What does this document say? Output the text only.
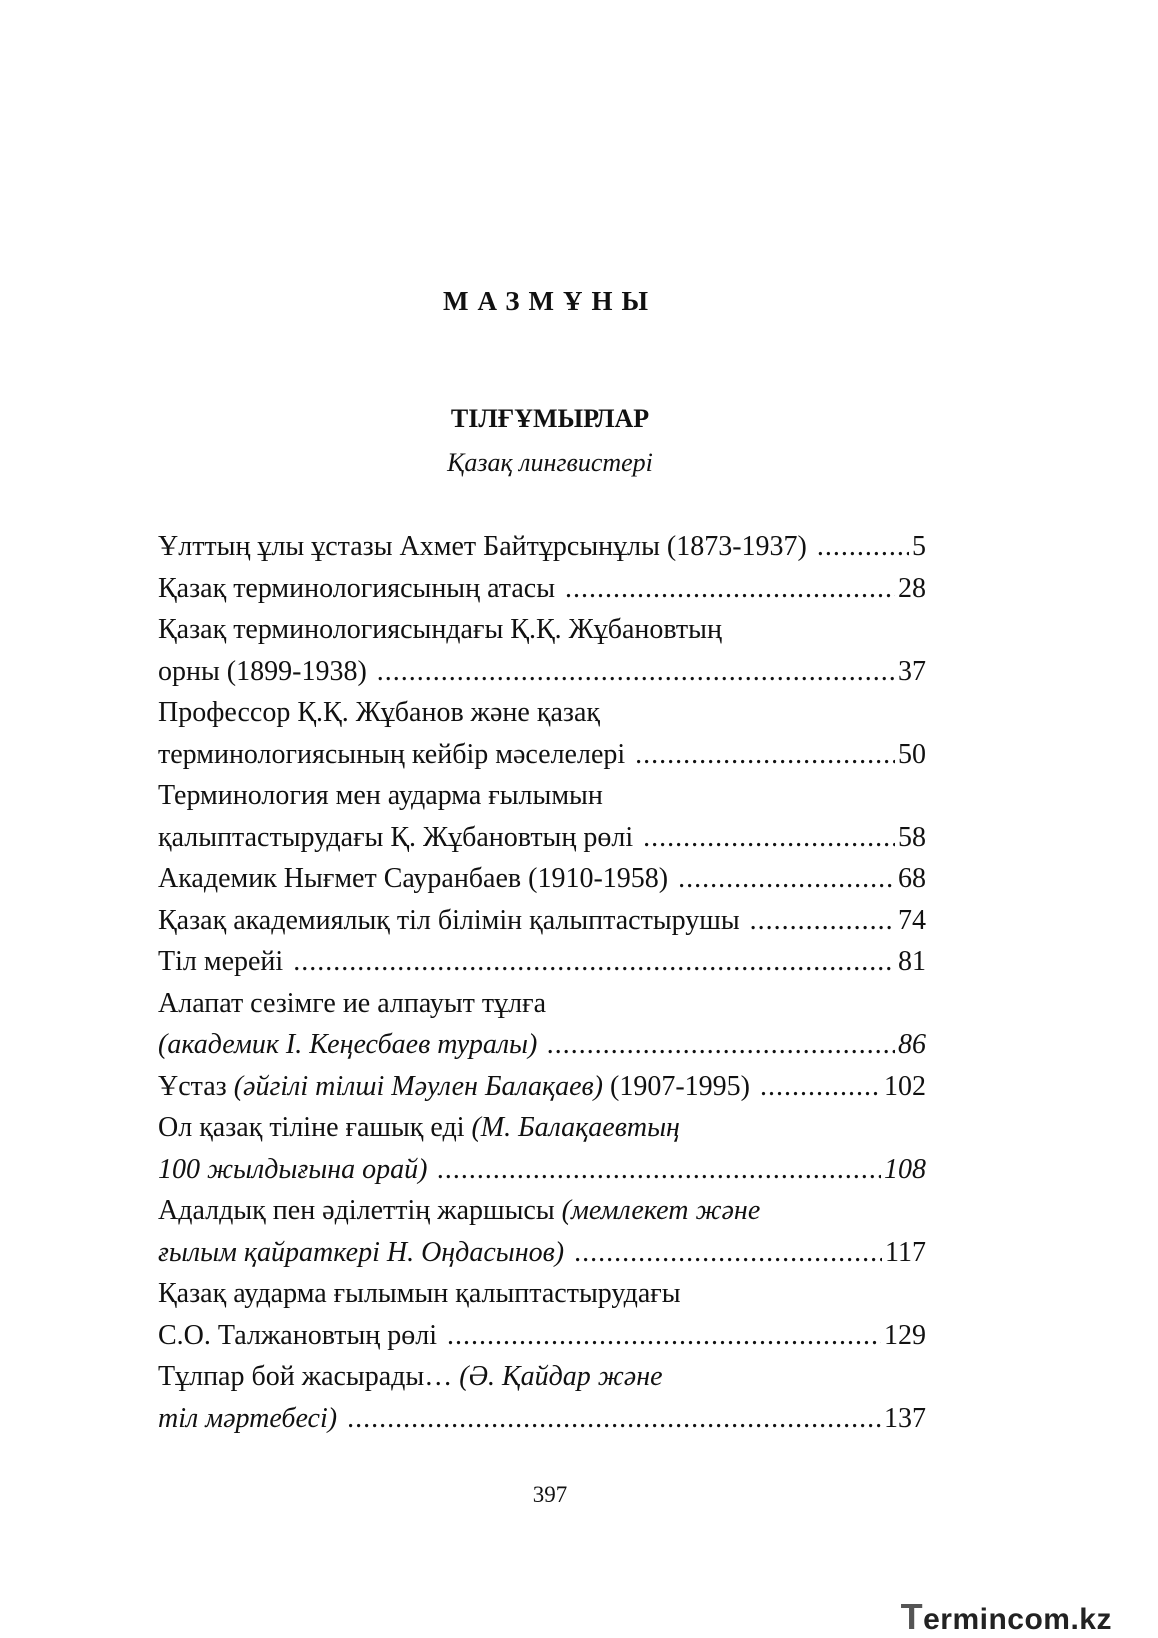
МАЗМҰНЫ
ТІЛҒҰМЫРЛАР
Қазақ лингвистері
Ұлттың ұлы ұстазы Ахмет Байтұрсынұлы (1873-1937) .....	5
Қазақ терминологиясының атасы .....	28
Қазақ терминологиясындағы Қ.Қ. Жұбановтың
орны (1899-1938) .....	37
Профессор Қ.Қ. Жұбанов және қазақ
терминологиясының кейбір мәселелері .....	50
Терминология мен аударма ғылымын
қалыптастырудағы Қ. Жұбановтың рөлі .....	58
Академик Нығмет Сауранбаев (1910-1958) .....	68
Қазақ академиялық тіл білімін қалыптастырушы .....	74
Тіл мерейі .....	81
Алапат сезімге ие алпауыт тұлға
(академик І. Кеңесбаев туралы) .....	86
Ұстаз (әйгілі тілші Мәулен Балақаев) (1907-1995) .....	102
Ол қазақ тіліне ғашық еді (М. Балақаевтың
100 жылдығына орай) .....	108
Адалдық пен әділеттің жаршысы (мемлекет және
ғылым қайраткері Н. Оңдасынов) .....	117
Қазақ аударма ғылымын қалыптастырудағы
С.О. Талжановтың рөлі .....	129
Тұлпар бой жасырады… (Ә. Қайдар және
тіл мәртебесі) .....	137
397
Termincom.kz
